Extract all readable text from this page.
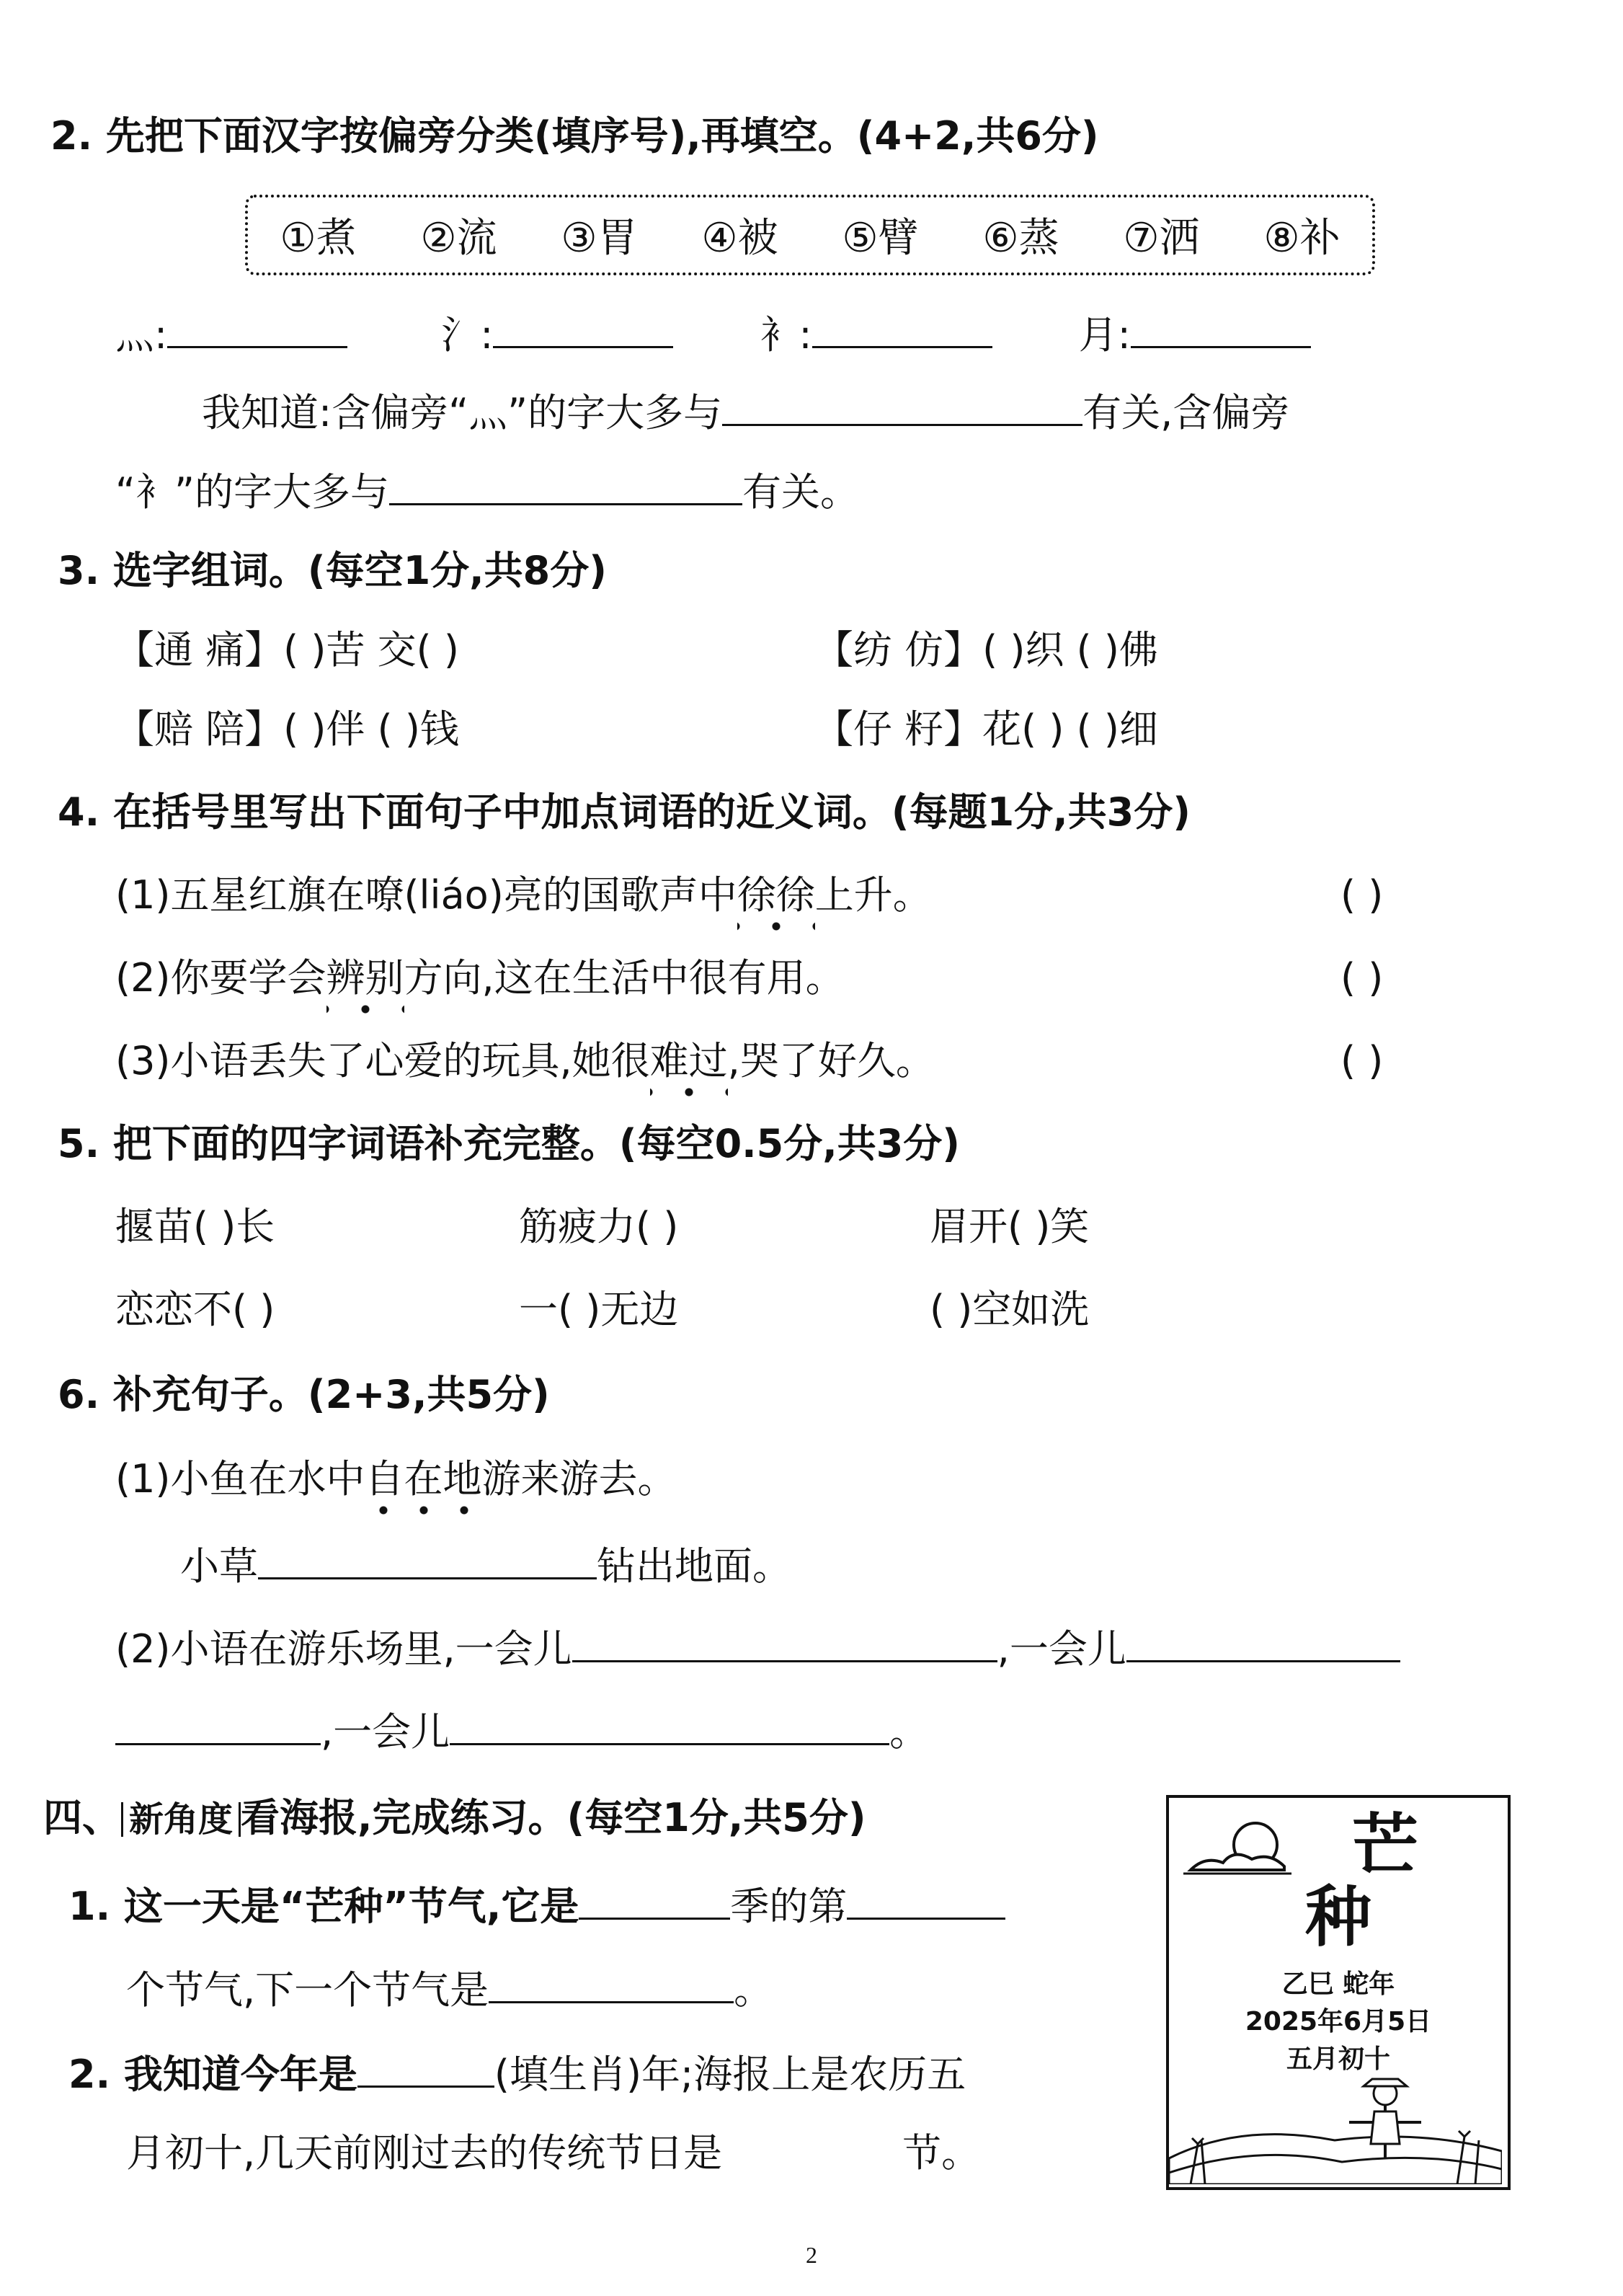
2. 先把下面汉字按偏旁分类(填序号),再填空。(4+2,共6分)
①煮 ②流 ③胃 ④被 ⑤臂 ⑥蒸 ⑦洒 ⑧补
灬:	氵:	衤:	月:
我知道:含偏旁“灬”的字大多与	有关,含偏旁
“衤”的字大多与	有关。
3. 选字组词。(每空1分,共8分)
【通 痛】( )苦 交( )	【纺 仿】( )织 ( )佛
【赔 陪】( )伴 ( )钱	【仔 籽】花( ) ( )细
4. 在括号里写出下面句子中加点词语的近义词。(每题1分,共3分)
(1)五星红旗在嘹(liáo)亮的国歌声中徐徐上升。	( )
(2)你要学会辨别方向,这在生活中很有用。	( )
(3)小语丢失了心爱的玩具,她很难过,哭了好久。	( )
5. 把下面的四字词语补充完整。(每空0.5分,共3分)
揠苗( )长	筋疲力( )	眉开( )笑
恋恋不( )	一( )无边	( )空如洗
6. 补充句子。(2+3,共5分)
(1)小鱼在水中自在地游来游去。
小草	钻出地面。
(2)小语在游乐场里,一会儿	,一会儿
,一会儿	。
四、 新角度 看海报,完成练习。(每空1分,共5分)
1. 这一天是“芒种”节气,它是	季的第
个节气,下一个节气是	。
2. 我知道今年是	(填生肖)年;海报上是农历五
月初十,几天前刚过去的传统节日是	节。
芒
种
乙巳 蛇年
2025年6月5日
五月初十
2
